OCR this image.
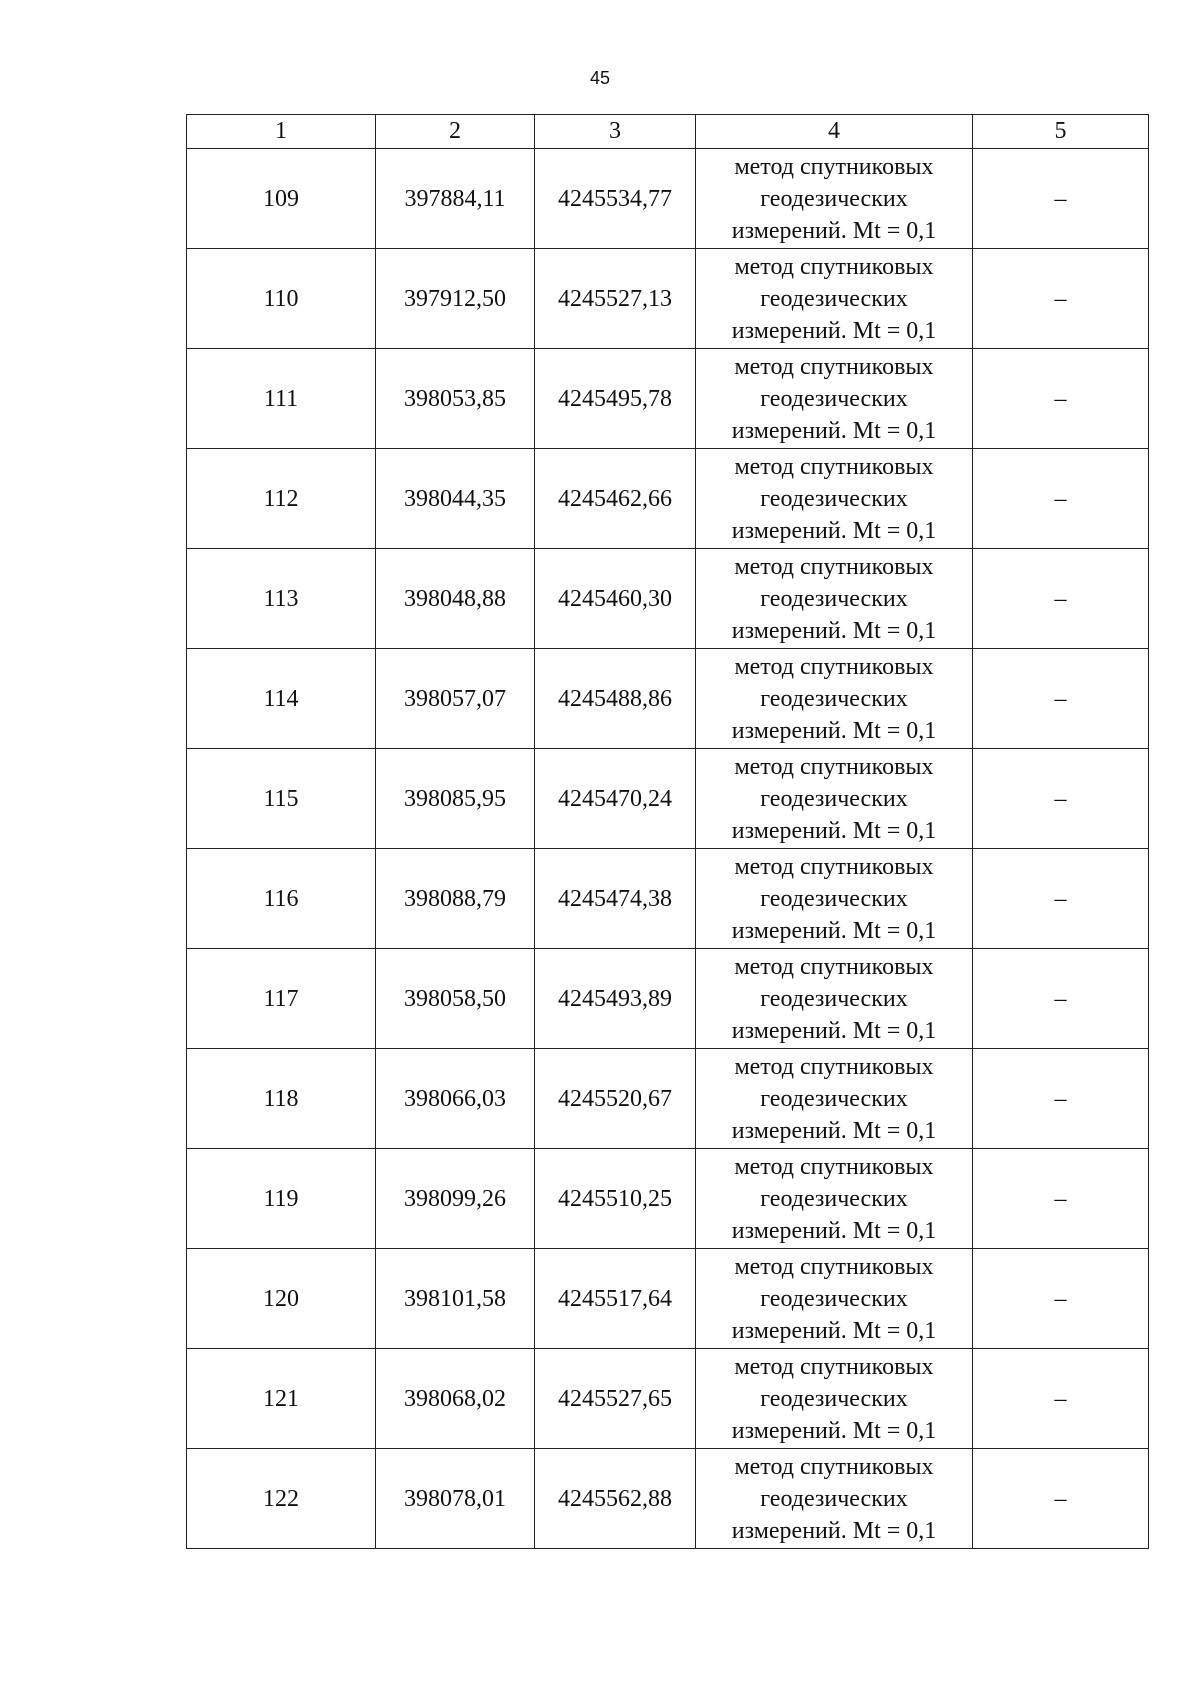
45
1	2	3	4	5
109	397884,11	4245534,77	метод спутниковых
геодезических
измерений. Mt = 0,1	–
110	397912,50	4245527,13	метод спутниковых
геодезических
измерений. Mt = 0,1	–
111	398053,85	4245495,78	метод спутниковых
геодезических
измерений. Mt = 0,1	–
112	398044,35	4245462,66	метод спутниковых
геодезических
измерений. Mt = 0,1	–
113	398048,88	4245460,30	метод спутниковых
геодезических
измерений. Mt = 0,1	–
114	398057,07	4245488,86	метод спутниковых
геодезических
измерений. Mt = 0,1	–
115	398085,95	4245470,24	метод спутниковых
геодезических
измерений. Mt = 0,1	–
116	398088,79	4245474,38	метод спутниковых
геодезических
измерений. Mt = 0,1	–
117	398058,50	4245493,89	метод спутниковых
геодезических
измерений. Mt = 0,1	–
118	398066,03	4245520,67	метод спутниковых
геодезических
измерений. Mt = 0,1	–
119	398099,26	4245510,25	метод спутниковых
геодезических
измерений. Mt = 0,1	–
120	398101,58	4245517,64	метод спутниковых
геодезических
измерений. Mt = 0,1	–
121	398068,02	4245527,65	метод спутниковых
геодезических
измерений. Mt = 0,1	–
122	398078,01	4245562,88	метод спутниковых
геодезических
измерений. Mt = 0,1	–
